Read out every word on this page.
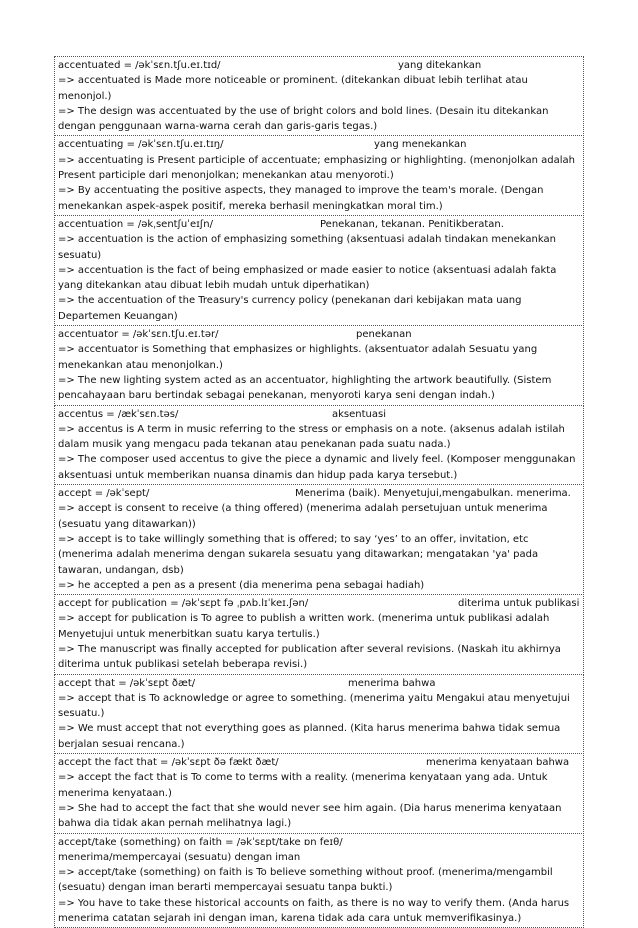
accentuated = /əkˈsɛn.tʃu.eɪ.tɪd/	yang ditekankan
=> accentuated is Made more noticeable or prominent. (ditekankan dibuat lebih terlihat atau menonjol.)
=> The design was accentuated by the use of bright colors and bold lines. (Desain itu ditekankan dengan penggunaan warna-warna cerah dan garis-garis tegas.)
accentuating = /əkˈsɛn.tʃu.eɪ.tɪŋ/	yang menekankan
=> accentuating is Present participle of accentuate; emphasizing or highlighting. (menonjolkan adalah Present participle dari menonjolkan; menekankan atau menyoroti.)
=> By accentuating the positive aspects, they managed to improve the team's morale. (Dengan menekankan aspek-aspek positif, mereka berhasil meningkatkan moral tim.)
accentuation = /əkˌsentʃuˈeɪʃn/	Penekanan, tekanan. Penitikberatan.
=> accentuation is the action of emphasizing something (aksentuasi adalah tindakan menekankan sesuatu)
=> accentuation is the fact of being emphasized or made easier to notice (aksentuasi adalah fakta yang ditekankan atau dibuat lebih mudah untuk diperhatikan)
=> the accentuation of the Treasury's currency policy (penekanan dari kebijakan mata uang Departemen Keuangan)
accentuator = /əkˈsɛn.tʃu.eɪ.tər/	penekanan
=> accentuator is Something that emphasizes or highlights. (aksentuator adalah Sesuatu yang menekankan atau menonjolkan.)
=> The new lighting system acted as an accentuator, highlighting the artwork beautifully. (Sistem pencahayaan baru bertindak sebagai penekanan, menyoroti karya seni dengan indah.)
accentus = /ækˈsɛn.təs/	aksentuasi
=> accentus is A term in music referring to the stress or emphasis on a note. (aksenus adalah istilah dalam musik yang mengacu pada tekanan atau penekanan pada suatu nada.)
=> The composer used accentus to give the piece a dynamic and lively feel. (Komposer menggunakan aksentuasi untuk memberikan nuansa dinamis dan hidup pada karya tersebut.)
accept = /əkˈsept/	Menerima (baik). Menyetujui,mengabulkan. menerima.
=> accept is consent to receive (a thing offered) (menerima adalah persetujuan untuk menerima (sesuatu yang ditawarkan))
=> accept is to take willingly something that is offered; to say ‘yes’ to an offer, invitation, etc (menerima adalah menerima dengan sukarela sesuatu yang ditawarkan; mengatakan 'ya' pada tawaran, undangan, dsb)
=> he accepted a pen as a present (dia menerima pena sebagai hadiah)
accept for publication = /əkˈsɛpt fə ˌpʌb.lɪˈkeɪ.ʃən/	diterima untuk publikasi
=> accept for publication is To agree to publish a written work. (menerima untuk publikasi adalah Menyetujui untuk menerbitkan suatu karya tertulis.)
=> The manuscript was finally accepted for publication after several revisions. (Naskah itu akhirnya diterima untuk publikasi setelah beberapa revisi.)
accept that = /əkˈsɛpt ðæt/	menerima bahwa
=> accept that is To acknowledge or agree to something. (menerima yaitu Mengakui atau menyetujui sesuatu.)
=> We must accept that not everything goes as planned. (Kita harus menerima bahwa tidak semua berjalan sesuai rencana.)
accept the fact that = /əkˈsɛpt ðə fækt ðæt/	menerima kenyataan bahwa
=> accept the fact that is To come to terms with a reality. (menerima kenyataan yang ada. Untuk menerima kenyataan.)
=> She had to accept the fact that she would never see him again. (Dia harus menerima kenyataan bahwa dia tidak akan pernah melihatnya lagi.)
accept/take (something) on faith = /əkˈsɛpt/take ɒn feɪθ/
menerima/mempercayai (sesuatu) dengan iman
=> accept/take (something) on faith is To believe something without proof. (menerima/mengambil (sesuatu) dengan iman berarti mempercayai sesuatu tanpa bukti.)
=> You have to take these historical accounts on faith, as there is no way to verify them. (Anda harus menerima catatan sejarah ini dengan iman, karena tidak ada cara untuk memverifikasinya.)
